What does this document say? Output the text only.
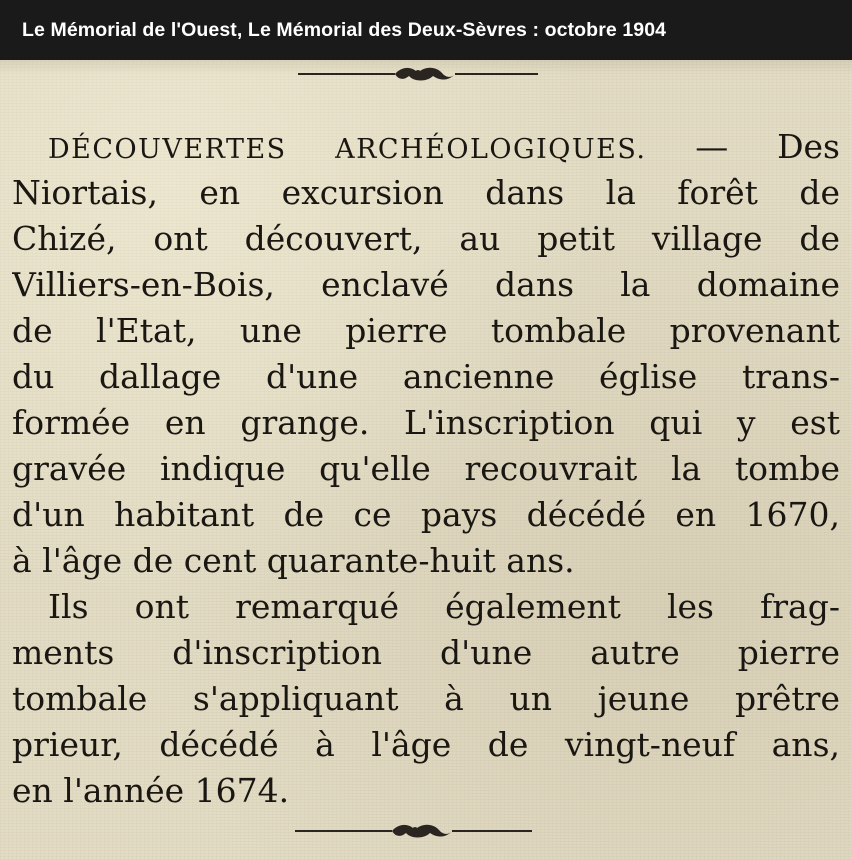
Le Mémorial de l'Ouest, Le Mémorial des Deux-Sèvres : octobre 1904
DÉCOUVERTES ARCHÉOLOGIQUES. — Des
Niortais, en excursion dans la forêt de
Chizé, ont découvert, au petit village de
Villiers-en-Bois, enclavé dans la domaine
de l'Etat, une pierre tombale provenant
du dallage d'une ancienne église trans-
formée en grange. L'inscription qui y est
gravée indique qu'elle recouvrait la tombe
d'un habitant de ce pays décédé en 1670,
à l'âge de cent quarante-huit ans.
Ils ont remarqué également les frag-
ments d'inscription d'une autre pierre
tombale s'appliquant à un jeune prêtre
prieur, décédé à l'âge de vingt-neuf ans,
en l'année 1674.
